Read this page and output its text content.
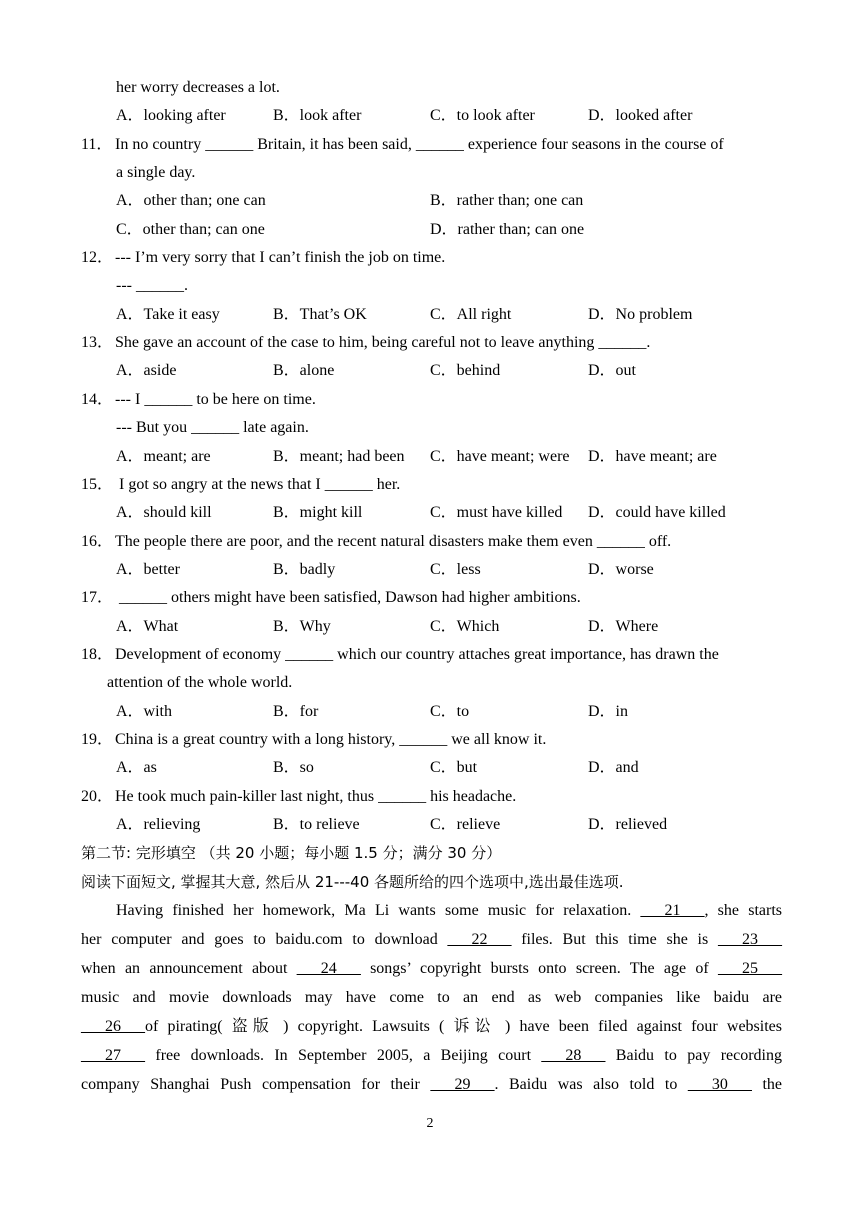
her worry decreases a lot.
A．looking after	B．look after	C．to look after	D．looked after
11． In no country ______ Britain, it has been said, ______ experience four seasons in the course of
a single day.
A．other than; one can	B．rather than; one can
C．other than; can one	D．rather than; can one
12． --- I’m very sorry that I can’t finish the job on time.
--- ______.
A．Take it easy	B．That’s OK	C．All right	D．No problem
13． She gave an account of the case to him, being careful not to leave anything ______.
A．aside	B．alone	C．behind	D．out
14． --- I ______ to be here on time.
--- But you ______ late again.
A．meant; are	B．meant; had been C．have meant; were D．have meant; are
15． I got so angry at the news that I ______ her.
A．should kill	B．might kill	C．must have killed D．could have killed
16． The people there are poor, and the recent natural disasters make them even ______ off.
A．better	B．badly	C．less	D．worse
17． ______ others might have been satisfied, Dawson had higher ambitions.
A．What	B．Why	C．Which	D．Where
18． Development of economy ______ which our country attaches great importance, has drawn the
attention of the whole world.
A．with	B．for	C．to	D．in
19． China is a great country with a long history, ______ we all know it.
A．as	B．so	C．but	D．and
20． He took much pain-killer last night, thus ______ his headache.
A．relieving	B．to relieve	C．relieve	D．relieved
第二节: 完形填空 （共 20 小题；每小题 1.5 分；满分 30 分）
阅读下面短文, 掌握其大意, 然后从 21---40 各题所给的四个选项中,选出最佳选项.
Having finished her homework, Ma Li wants some music for relaxation. ___21___, she starts
her computer and goes to baidu.com to download ___22___ files. But this time she is ___23___
when an announcement about ___24___ songs’ copyright bursts onto screen. The age of ___25___
music and movie downloads may have come to an end as web companies like baidu are
___26___of pirating( 盗版 ) copyright. Lawsuits ( 诉讼 ) have been filed against four websites
___27___ free downloads. In September 2005, a Beijing court ___28___ Baidu to pay recording
company Shanghai Push compensation for their ___29___. Baidu was also told to ___30___ the
2
